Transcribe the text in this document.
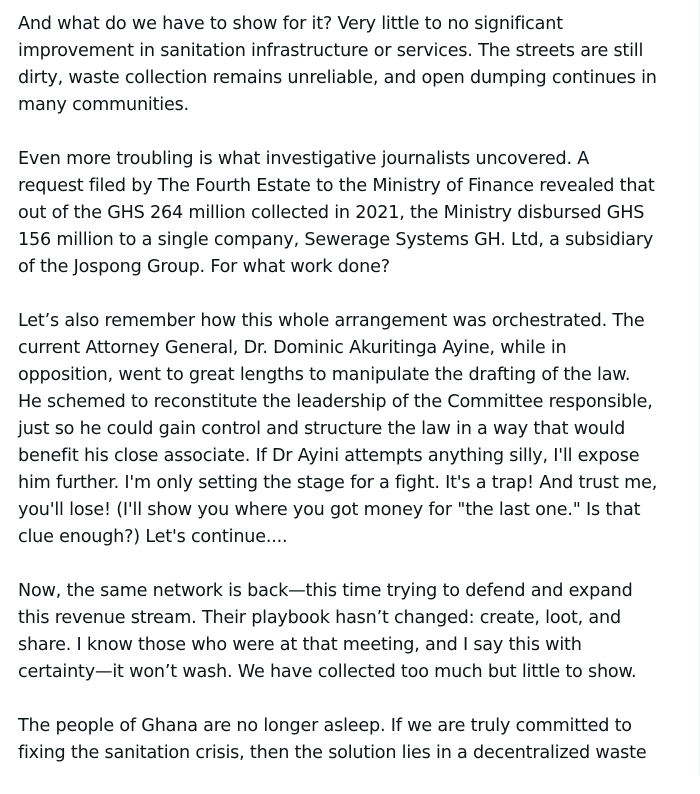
And what do we have to show for it? Very little to no significant improvement in sanitation infrastructure or services. The streets are still dirty, waste collection remains unreliable, and open dumping continues in many communities.

Even more troubling is what investigative journalists uncovered. A request filed by The Fourth Estate to the Ministry of Finance revealed that out of the GHS 264 million collected in 2021, the Ministry disbursed GHS 156 million to a single company, Sewerage Systems GH. Ltd, a subsidiary of the Jospong Group. For what work done?

Let’s also remember how this whole arrangement was orchestrated. The current Attorney General, Dr. Dominic Akuritinga Ayine, while in opposition, went to great lengths to manipulate the drafting of the law. He schemed to reconstitute the leadership of the Committee responsible, just so he could gain control and structure the law in a way that would benefit his close associate. If Dr Ayini attempts anything silly, I'll expose him further. I'm only setting the stage for a fight. It's a trap! And trust me, you'll lose! (I'll show you where you got money for "the last one." Is that clue enough?) Let's continue....

Now, the same network is back—this time trying to defend and expand this revenue stream. Their playbook hasn’t changed: create, loot, and share. I know those who were at that meeting, and I say this with certainty—it won’t wash. We have collected too much but little to show.

The people of Ghana are no longer asleep. If we are truly committed to fixing the sanitation crisis, then the solution lies in a decentralized waste
